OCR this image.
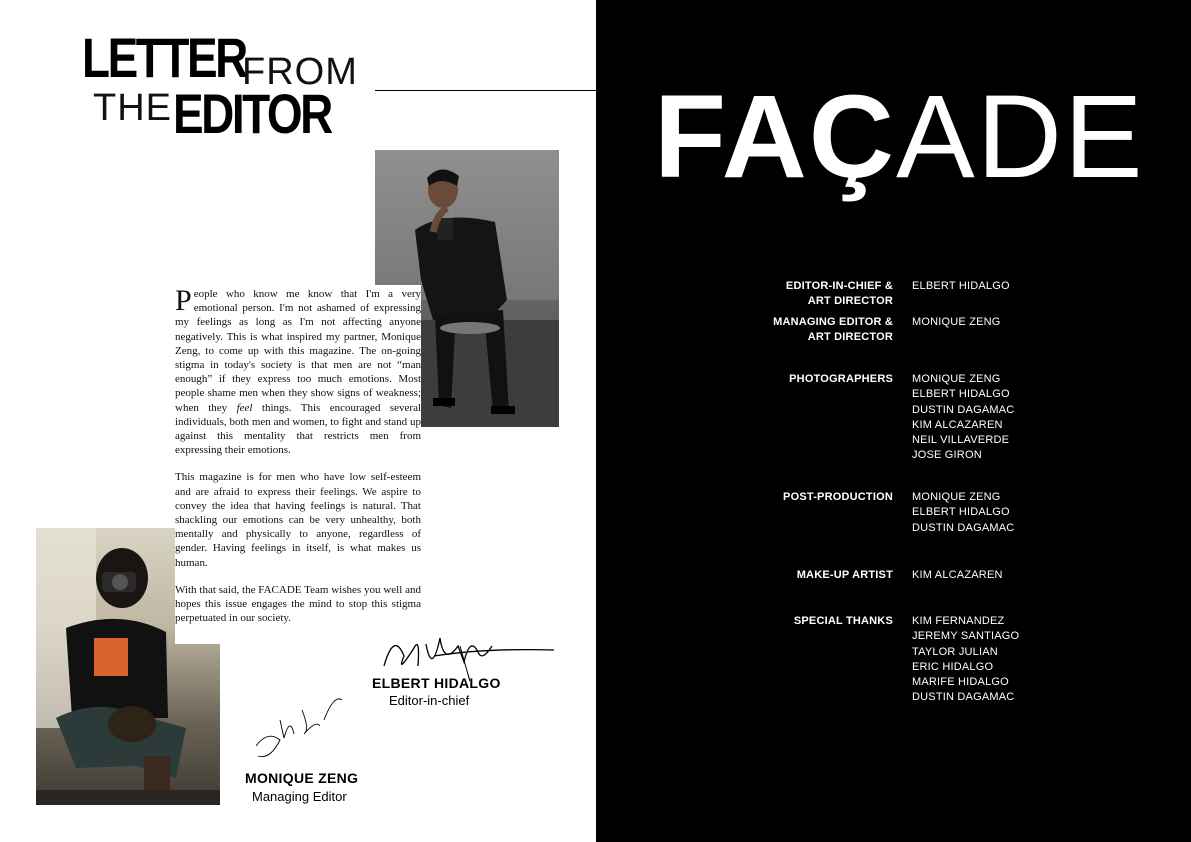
LETTER
FROM
THE EDITOR

People who know me know that I'm a very emotional person. I'm not ashamed of expressing my feelings as long as I'm not affecting anyone negatively. This is what inspired my partner, Monique Zeng, to come up with this magazine. The on-going stigma in today's society is that men are not “man enough” if they express too much emotions. Most people shame men when they show signs of weakness; when they feel things. This encouraged several individuals, both men and women, to fight and stand up against this mentality that restricts men from expressing their emotions.

This magazine is for men who have low self-esteem and are afraid to express their feelings. We aspire to convey the idea that having feelings is natural. That shackling our emotions can be very unhealthy, both mentally and physically to anyone, regardless of gender. Having feelings in itself, is what makes us human.

With that said, the FACADE Team wishes you well and hopes this issue engages the mind to stop this stigma perpetuated in our society.

ELBERT HIDALGO
Editor-in-chief
MONIQUE ZENG
Managing Editor
FAÇADE
EDITOR-IN-CHIEF &
ART DIRECTOR
ELBERT HIDALGO
MANAGING EDITOR &
ART DIRECTOR
MONIQUE ZENG
PHOTOGRAPHERS MONIQUE ZENG
ELBERT HIDALGO
DUSTIN DAGAMAC
KIM ALCAZAREN
NEIL VILLAVERDE
JOSE GIRON
POST-PRODUCTION MONIQUE ZENG
ELBERT HIDALGO
DUSTIN DAGAMAC
MAKE-UP ARTIST KIM ALCAZAREN
SPECIAL THANKS KIM FERNANDEZ
JEREMY SANTIAGO
TAYLOR JULIAN
ERIC HIDALGO
MARIFE HIDALGO
DUSTIN DAGAMAC
